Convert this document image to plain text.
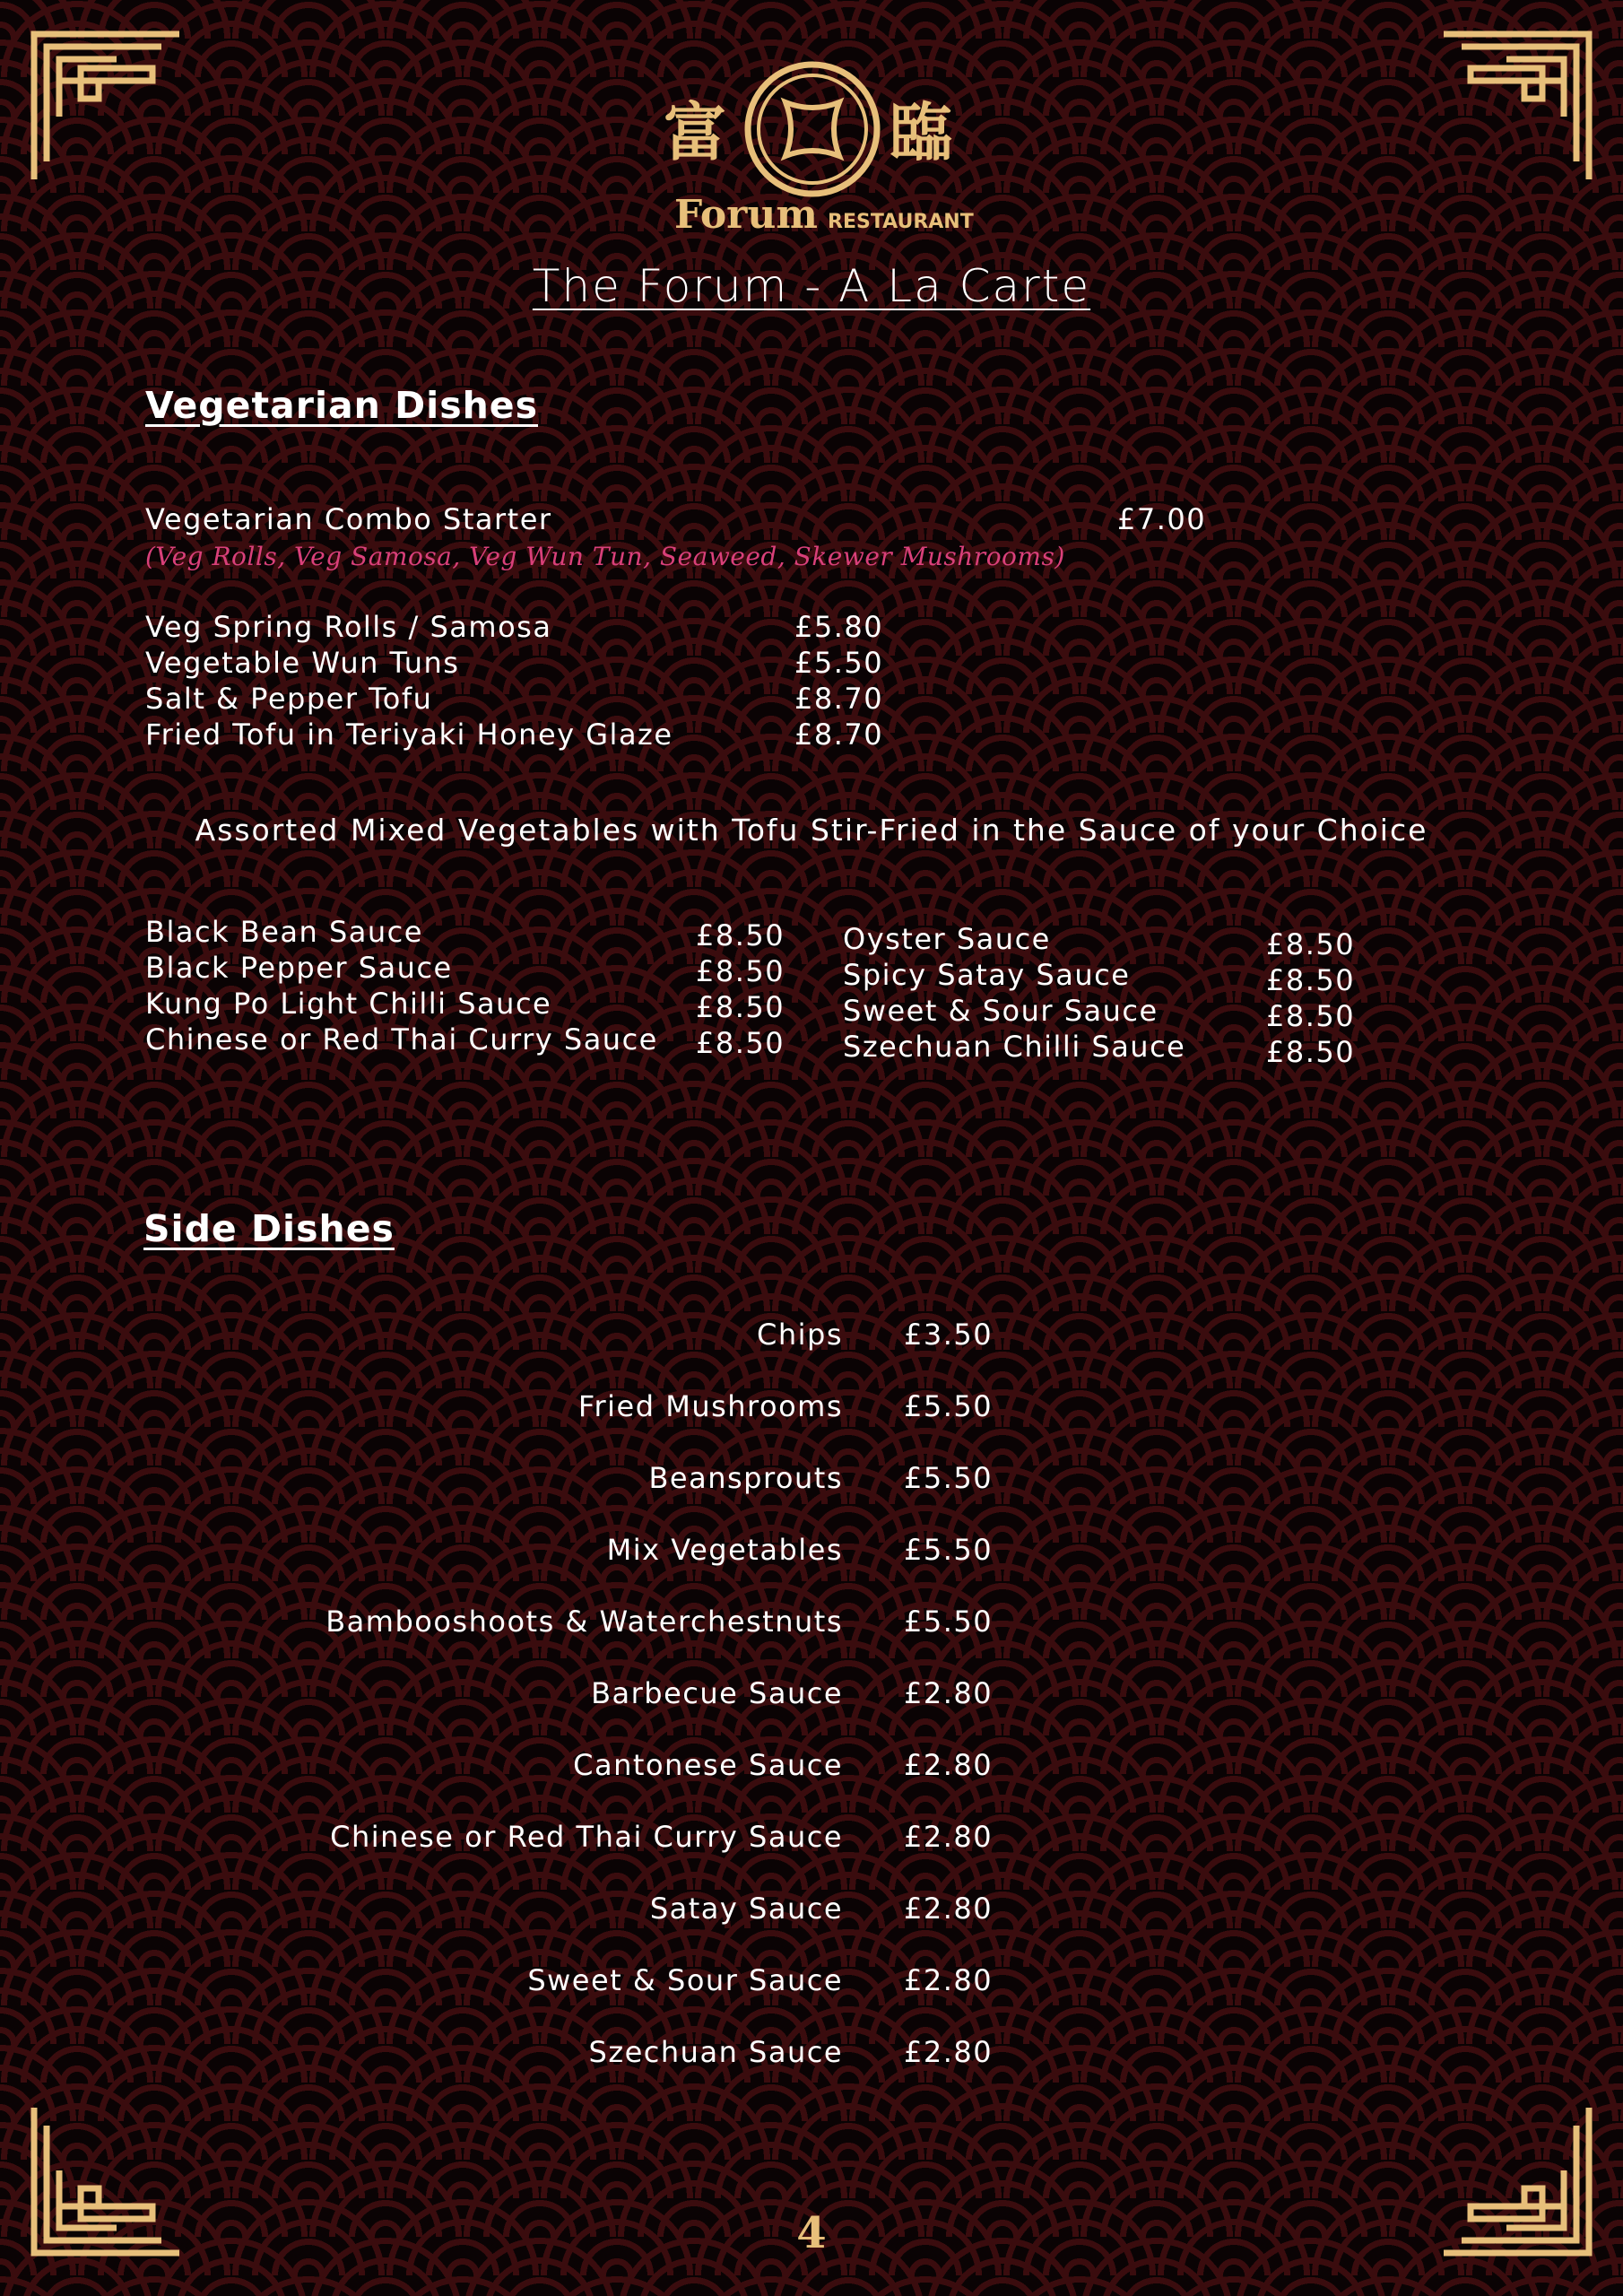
富	臨
Forum RESTAURANT
The Forum - A La Carte
Vegetarian Dishes
Vegetarian Combo Starter	£7.00
(Veg Rolls, Veg Samosa, Veg Wun Tun, Seaweed, Skewer Mushrooms)
Veg Spring Rolls / Samosa	£5.80
Vegetable Wun Tuns	£5.50
Salt & Pepper Tofu	£8.70
Fried Tofu in Teriyaki Honey Glaze	£8.70
Assorted Mixed Vegetables with Tofu Stir-Fried in the Sauce of your Choice
Black Bean Sauce	£8.50
Black Pepper Sauce	£8.50
Kung Po Light Chilli Sauce	£8.50
Chinese or Red Thai Curry Sauce £8.50
Oyster Sauce	£8.50
Spicy Satay Sauce	£8.50
Sweet & Sour Sauce	£8.50
Szechuan Chilli Sauce	£8.50
Side Dishes
Chips £3.50
Fried Mushrooms £5.50
Beansprouts £5.50
Mix Vegetables £5.50
Bambooshoots & Waterchestnuts £5.50
Barbecue Sauce £2.80
Cantonese Sauce £2.80
Chinese or Red Thai Curry Sauce £2.80
Satay Sauce £2.80
Sweet & Sour Sauce £2.80
Szechuan Sauce £2.80
4
